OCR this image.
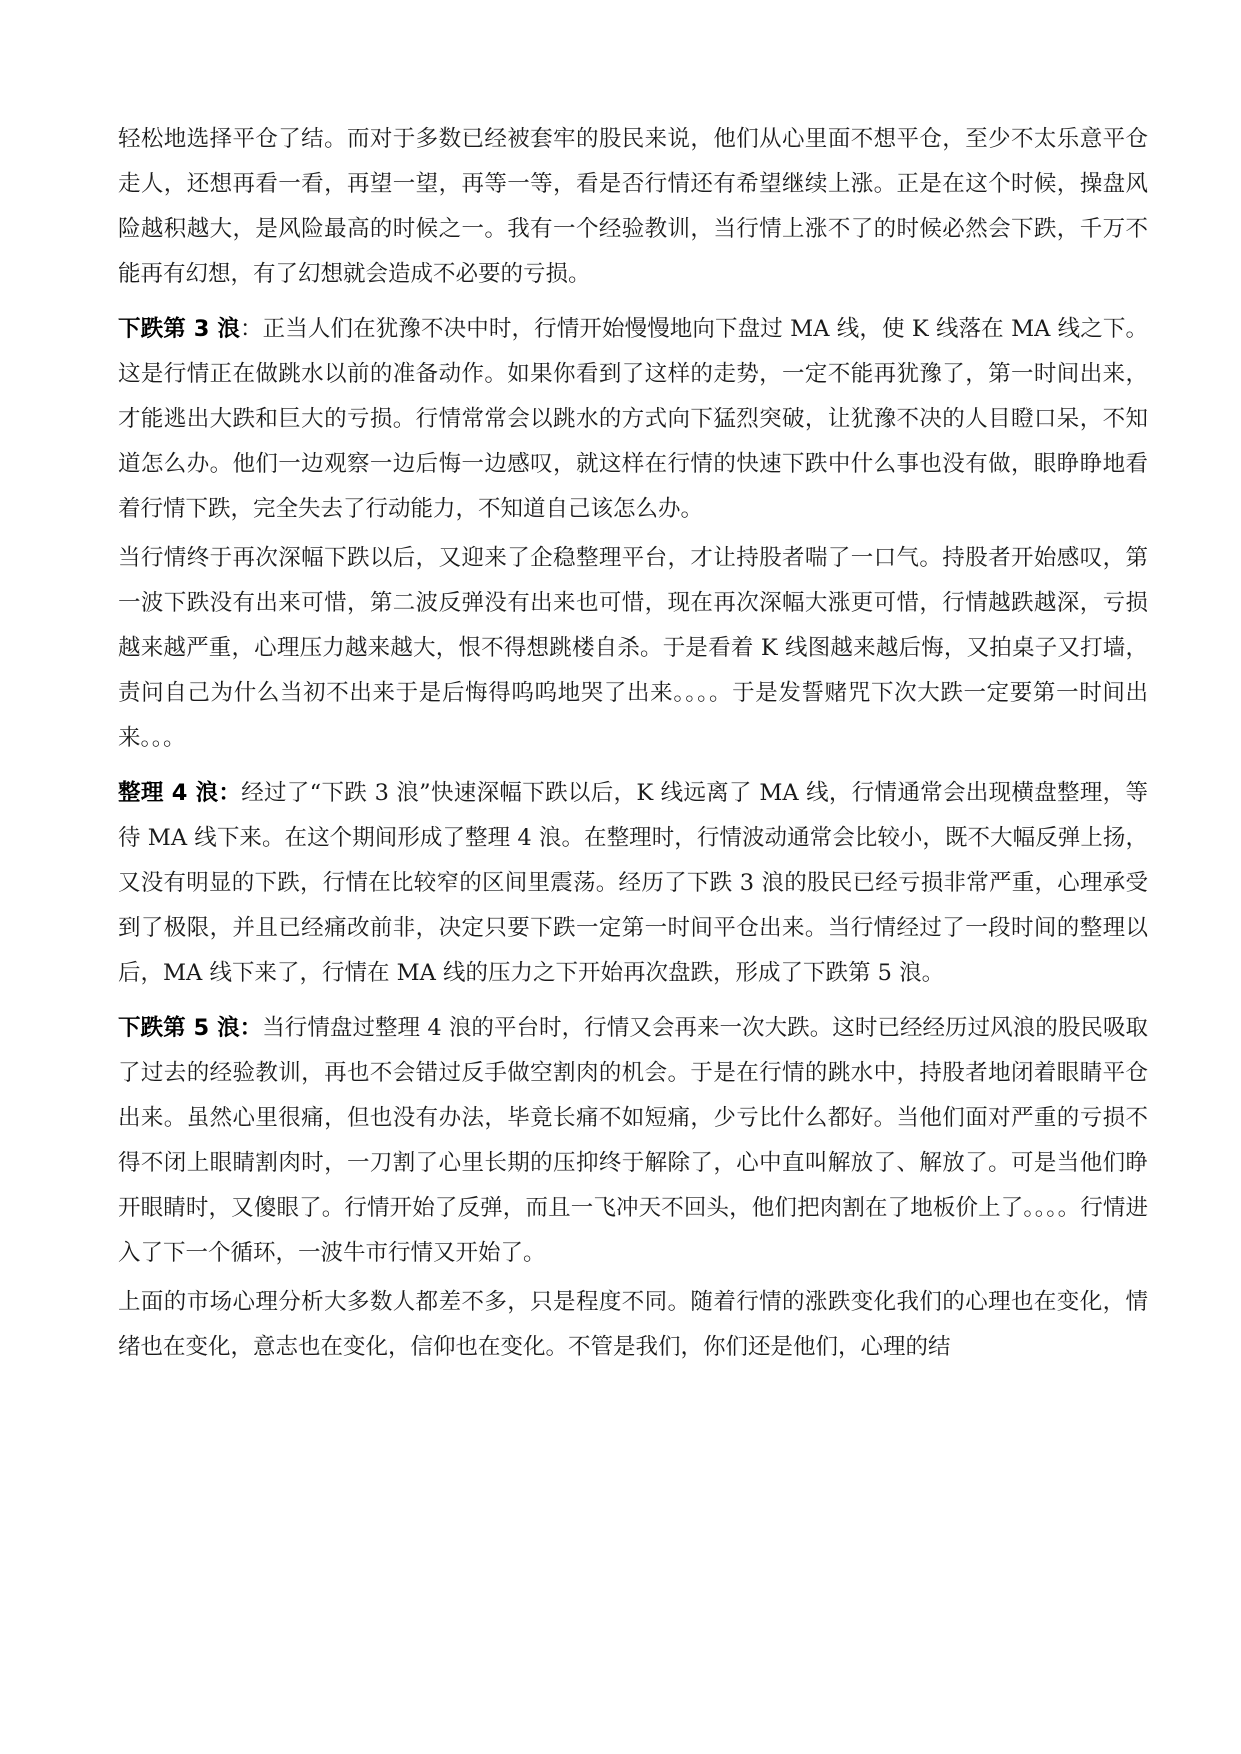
轻松地选择平仓了结。而对于多数已经被套牢的股民来说，他们从心里面不想平仓，至少不太乐意平仓走人，还想再看一看，再望一望，再等一等，看是否行情还有希望继续上涨。正是在这个时候，操盘风险越积越大，是风险最高的时候之一。我有一个经验教训，当行情上涨不了的时候必然会下跌，千万不能再有幻想，有了幻想就会造成不必要的亏损。

下跌第 3 浪：正当人们在犹豫不决中时，行情开始慢慢地向下盘过 MA 线，使 K 线落在 MA 线之下。这是行情正在做跳水以前的准备动作。如果你看到了这样的走势，一定不能再犹豫了，第一时间出来，才能逃出大跌和巨大的亏损。行情常常会以跳水的方式向下猛烈突破，让犹豫不决的人目瞪口呆，不知道怎么办。他们一边观察一边后悔一边感叹，就这样在行情的快速下跌中什么事也没有做，眼睁睁地看着行情下跌，完全失去了行动能力，不知道自己该怎么办。

当行情终于再次深幅下跌以后，又迎来了企稳整理平台，才让持股者喘了一口气。持股者开始感叹，第一波下跌没有出来可惜，第二波反弹没有出来也可惜，现在再次深幅大涨更可惜，行情越跌越深，亏损越来越严重，心理压力越来越大，恨不得想跳楼自杀。于是看着 K 线图越来越后悔，又拍桌子又打墙，责问自己为什么当初不出来于是后悔得呜呜地哭了出来。。。。于是发誓赌咒下次大跌一定要第一时间出来。。。

整理 4 浪：经过了“下跌 3 浪”快速深幅下跌以后，K 线远离了 MA 线，行情通常会出现横盘整理，等待 MA 线下来。在这个期间形成了整理 4 浪。在整理时，行情波动通常会比较小，既不大幅反弹上扬，又没有明显的下跌，行情在比较窄的区间里震荡。经历了下跌 3 浪的股民已经亏损非常严重，心理承受到了极限，并且已经痛改前非，决定只要下跌一定第一时间平仓出来。当行情经过了一段时间的整理以后，MA 线下来了，行情在 MA 线的压力之下开始再次盘跌，形成了下跌第 5 浪。

下跌第 5 浪：当行情盘过整理 4 浪的平台时，行情又会再来一次大跌。这时已经经历过风浪的股民吸取了过去的经验教训，再也不会错过反手做空割肉的机会。于是在行情的跳水中，持股者地闭着眼睛平仓出来。虽然心里很痛，但也没有办法，毕竟长痛不如短痛，少亏比什么都好。当他们面对严重的亏损不得不闭上眼睛割肉时，一刀割了心里长期的压抑终于解除了，心中直叫解放了、解放了。可是当他们睁开眼睛时，又傻眼了。行情开始了反弹，而且一飞冲天不回头，他们把肉割在了地板价上了。。。。行情进入了下一个循环，一波牛市行情又开始了。

上面的市场心理分析大多数人都差不多，只是程度不同。随着行情的涨跌变化我们的心理也在变化，情绪也在变化，意志也在变化，信仰也在变化。不管是我们，你们还是他们，心理的结
